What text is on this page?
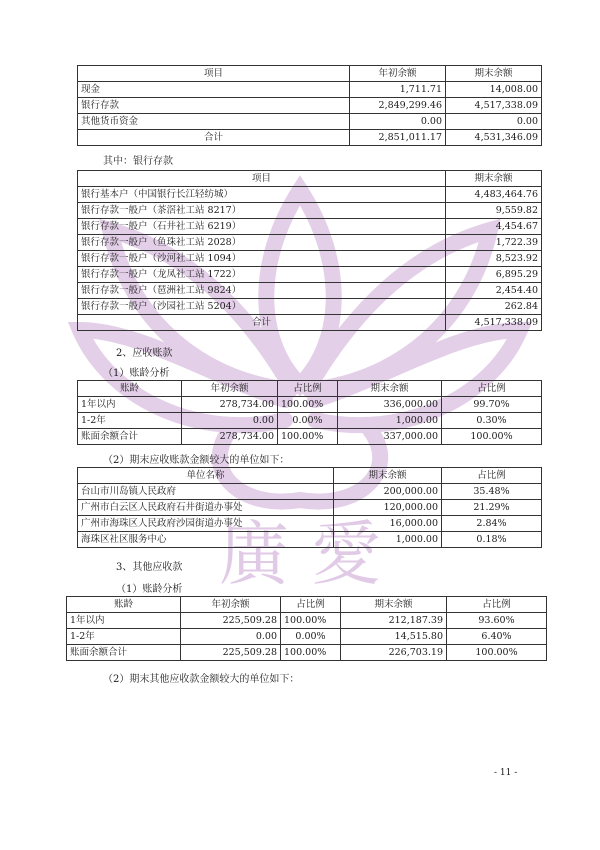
廣 愛
项目	年初余额	期末余额
现金	1,711.71	14,008.00
银行存款	2,849,299.46	4,517,338.09
其他货币资金	0.00	0.00
合计	2,851,011.17	4,531,346.09
其中：银行存款
项目	期末余额
银行基本户（中国银行长江轻纺城）	4,483,464.76
银行存款一般户（茶滘社工站 8217）	9,559.82
银行存款一般户（石井社工站 6219）	4,454.67
银行存款一般户（鱼珠社工站 2028）	1,722.39
银行存款一般户（沙河社工站 1094）	8,523.92
银行存款一般户（龙凤社工站 1722）	6,895.29
银行存款一般户（琶洲社工站 9824）	2,454.40
银行存款一般户（沙园社工站 5204）	262.84
合计	4,517,338.09
2、应收账款
（1）账龄分析
账龄	年初余额	占比例	期末余额	占比例
1年以内	278,734.00	100.00%	336,000.00	99.70%
1-2年	0.00	0.00%	1,000.00	0.30%
账面余额合计	278,734.00	100.00%	337,000.00	100.00%
（2）期末应收账款金额较大的单位如下：
单位名称	期末余额	占比例
台山市川岛镇人民政府	200,000.00	35.48%
广州市白云区人民政府石井街道办事处	120,000.00	21.29%
广州市海珠区人民政府沙园街道办事处	16,000.00	2.84%
海珠区社区服务中心	1,000.00	0.18%
3、其他应收款
（1）账龄分析
账龄	年初余额	占比例	期末余额	占比例
1年以内	225,509.28	100.00%	212,187.39	93.60%
1-2年	0.00	0.00%	14,515.80	6.40%
账面余额合计	225,509.28	100.00%	226,703.19	100.00%
（2）期末其他应收款金额较大的单位如下：
- 11 -
